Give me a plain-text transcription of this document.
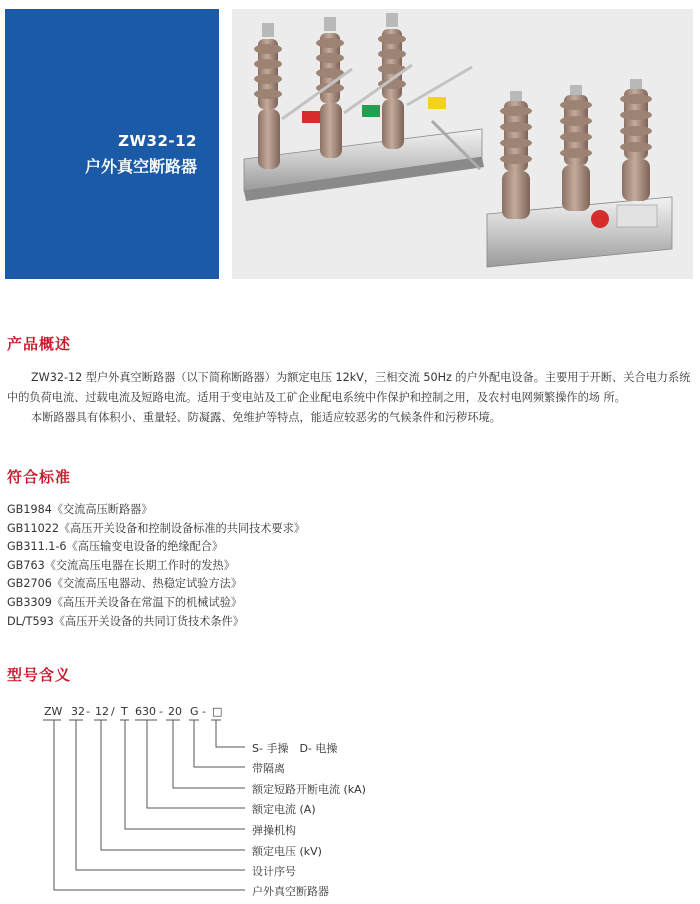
ZW32-12
户外真空断路器
产品概述
ZW32-12 型户外真空断路器（以下简称断路器）为额定电压 12kV，三相交流 50Hz 的户外配电设备。主要用于开断、关合电力系统中的负荷电流、过载电流及短路电流。适用于变电站及工矿企业配电系统中作保护和控制之用，及农村电网频繁操作的场 所。
本断路器具有体积小、重量轻、防凝露、免维护等特点，能适应较恶劣的气候条件和污秽环境。
符合标准
GB1984《交流高压断路器》
GB11022《高压开关设备和控制设备标准的共同技术要求》
GB311.1-6《高压输变电设备的绝缘配合》
GB763《交流高压电器在长期工作时的发热》
GB2706《交流高压电器动、热稳定试验方法》
GB3309《高压开关设备在常温下的机械试验》
DL/T593《高压开关设备的共同订货技术条件》
型号含义
ZW 32 - 12 / T 630 - 20 G - □
S- 手操　D- 电操
带隔离
额定短路开断电流 (kA)
额定电流 (A)
弹操机构
额定电压 (kV)
设计序号
户外真空断路器
